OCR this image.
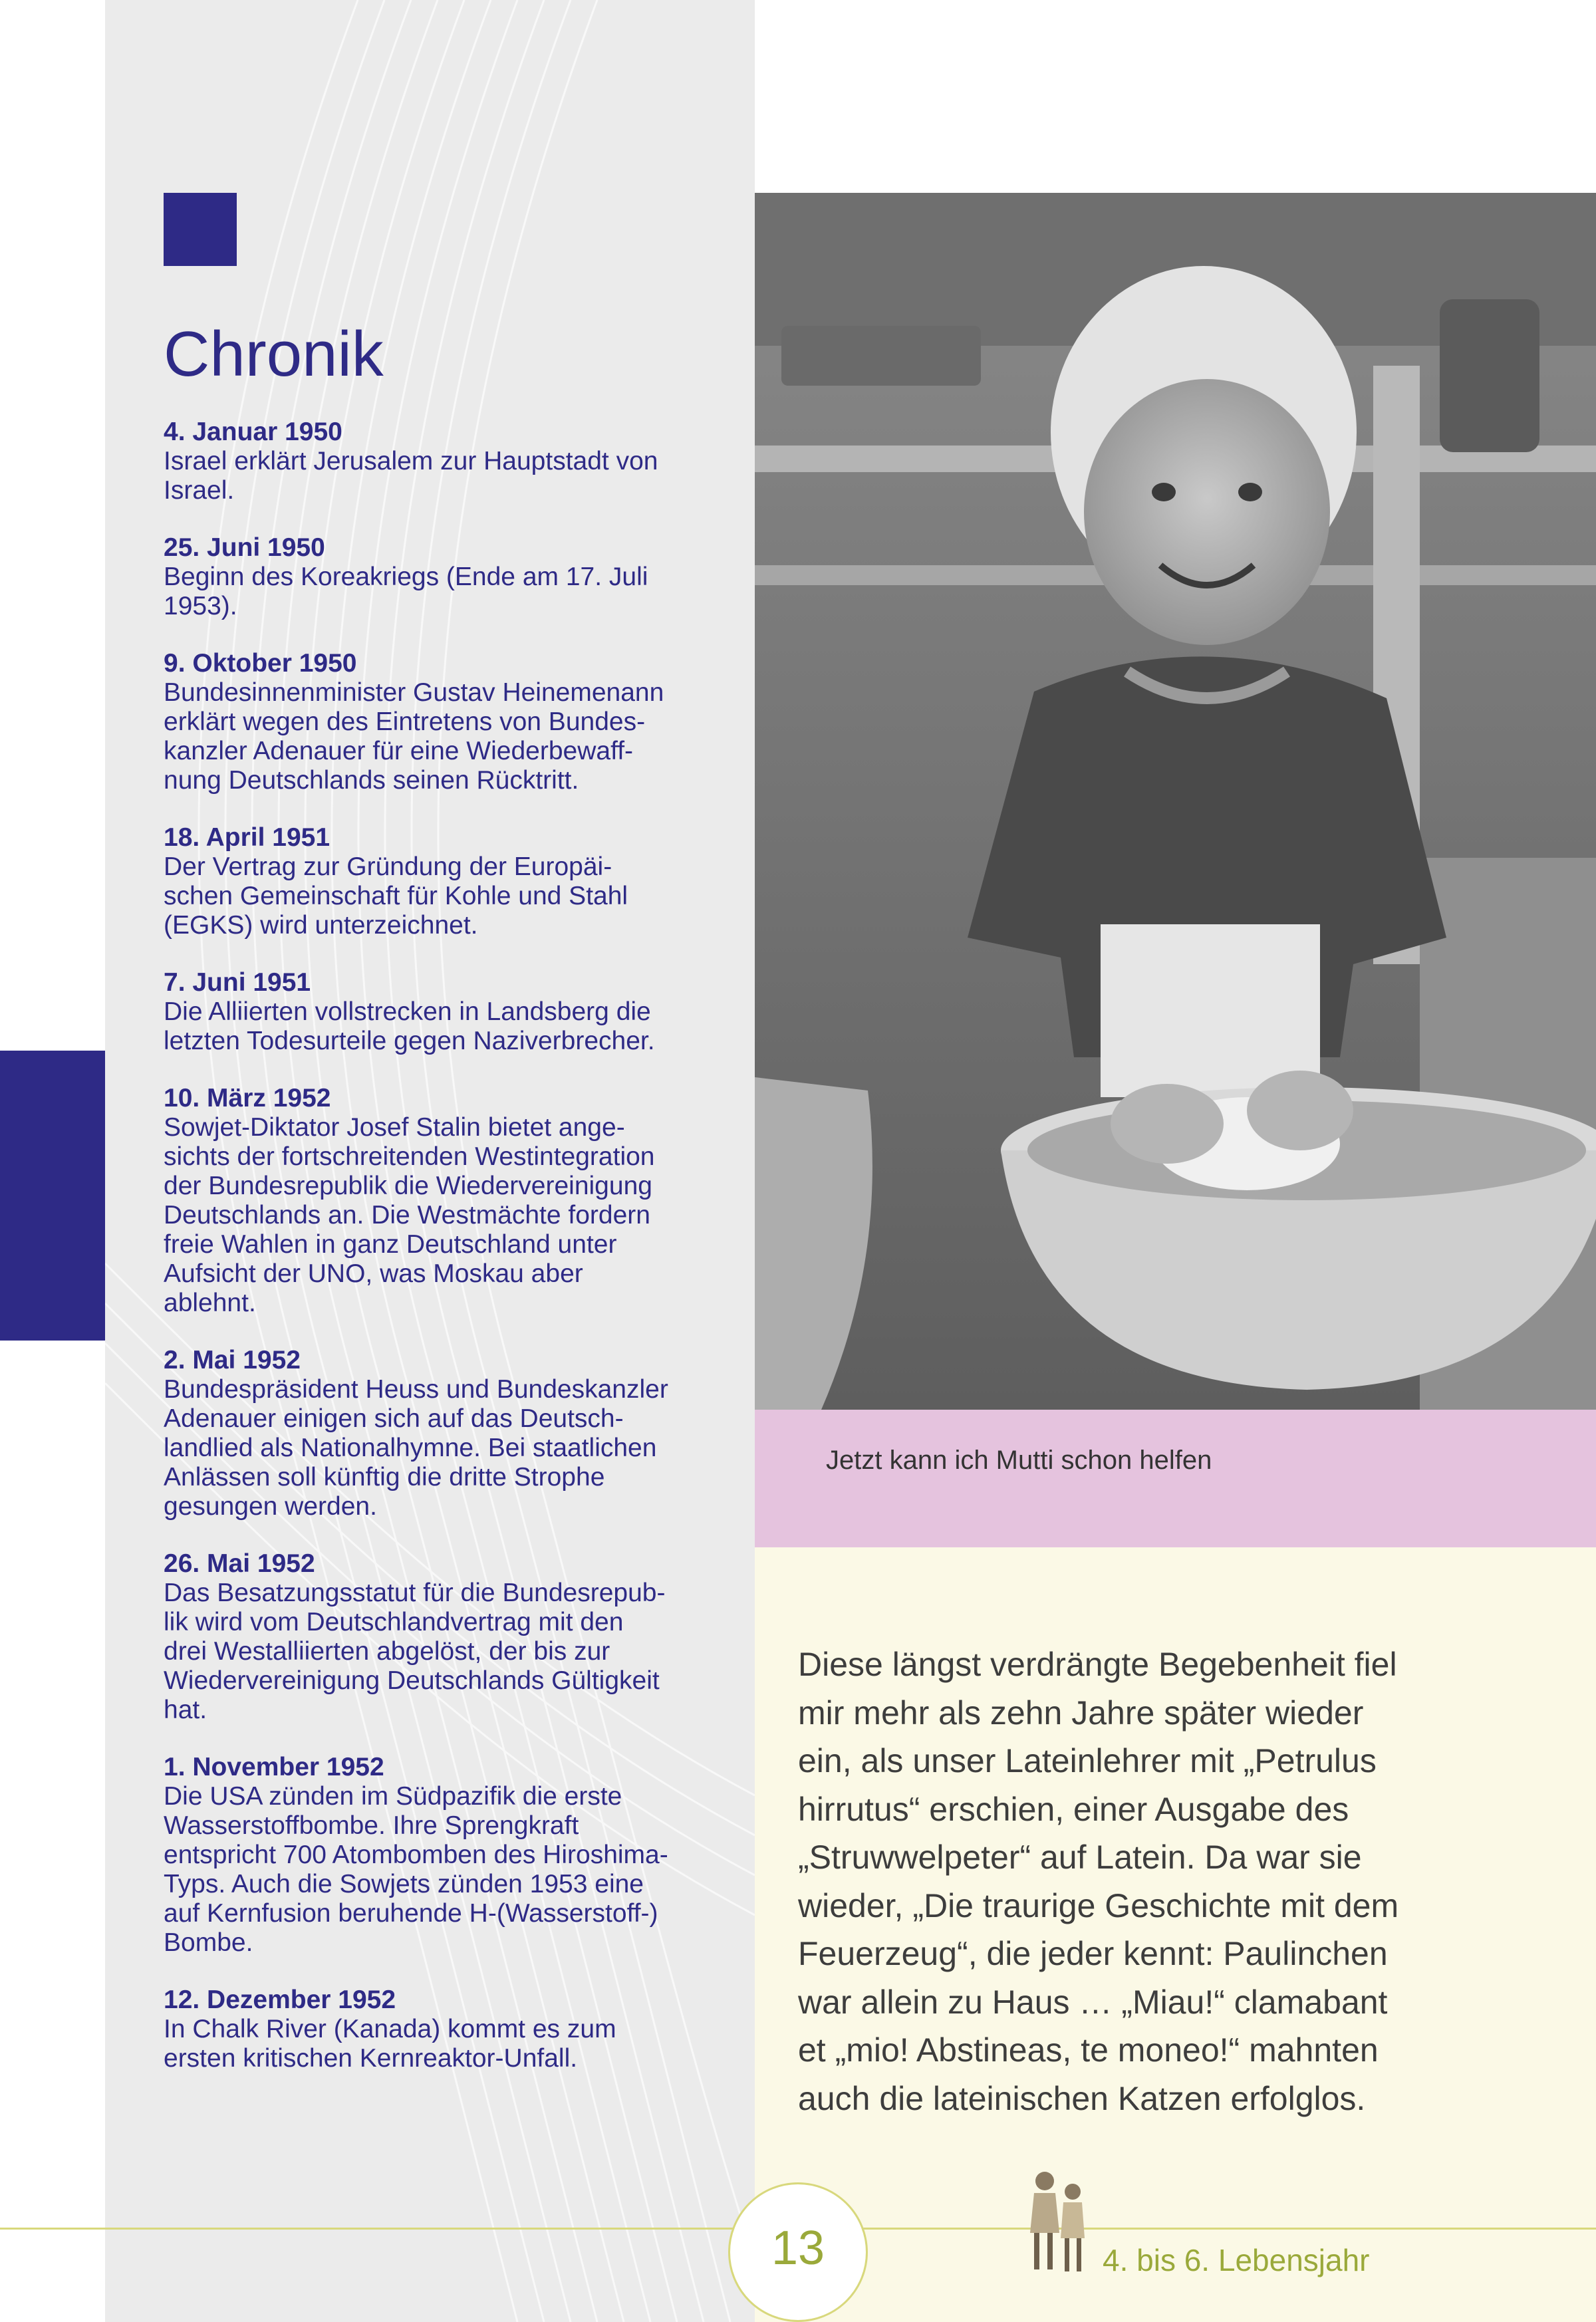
Chronik
4. Januar 1950
Israel erklärt Jerusalem zur Hauptstadt von
Israel.
25. Juni 1950
Beginn des Koreakriegs (Ende am 17. Juli
1953).
9. Oktober 1950
Bundesinnenminister Gustav Heinemenann
erklärt wegen des Eintretens von Bundes-
kanzler Adenauer für eine Wiederbewaff-
nung Deutschlands seinen Rücktritt.
18. April 1951
Der Vertrag zur Gründung der Europäi-
schen Gemeinschaft für Kohle und Stahl
(EGKS) wird unterzeichnet.
7. Juni 1951
Die Alliierten vollstrecken in Landsberg die
letzten Todesurteile gegen Naziverbrecher.
10. März 1952
Sowjet-Diktator Josef Stalin bietet ange-
sichts der fortschreitenden Westintegration
der Bundesrepublik die Wiedervereinigung
Deutschlands an. Die Westmächte fordern
freie Wahlen in ganz Deutschland unter
Aufsicht der UNO, was Moskau aber
ablehnt.
2. Mai 1952
Bundespräsident Heuss und Bundeskanzler
Adenauer einigen sich auf das Deutsch-
landlied als Nationalhymne. Bei staatlichen
Anlässen soll künftig die dritte Strophe
gesungen werden.
26. Mai 1952
Das Besatzungsstatut für die Bundesrepub-
lik wird vom Deutschlandvertrag mit den
drei Westalliierten abgelöst, der bis zur
Wiedervereinigung Deutschlands Gültigkeit
hat.
1. November 1952
Die USA zünden im Südpazifik die erste
Wasserstoffbombe. Ihre Sprengkraft
entspricht 700 Atombomben des Hiroshima-
Typs. Auch die Sowjets zünden 1953 eine
auf Kernfusion beruhende H-(Wasserstoff-)
Bombe.
12. Dezember 1952
In Chalk River (Kanada) kommt es zum
ersten kritischen Kernreaktor-Unfall.
Jetzt kann ich Mutti schon helfen

Diese längst verdrängte Begebenheit fiel
mir mehr als zehn Jahre später wieder
ein, als unser Lateinlehrer mit „Petrulus
hirrutus“ erschien, einer Ausgabe des
„Struwwelpeter“ auf Latein. Da war sie
wieder, „Die traurige Geschichte mit dem
Feuerzeug“, die jeder kennt: Paulinchen
war allein zu Haus … „Miau!“ clamabant
et „mio! Abstineas, te moneo!“ mahnten
auch die lateinischen Katzen erfolglos.

13	4. bis 6. Lebensjahr
